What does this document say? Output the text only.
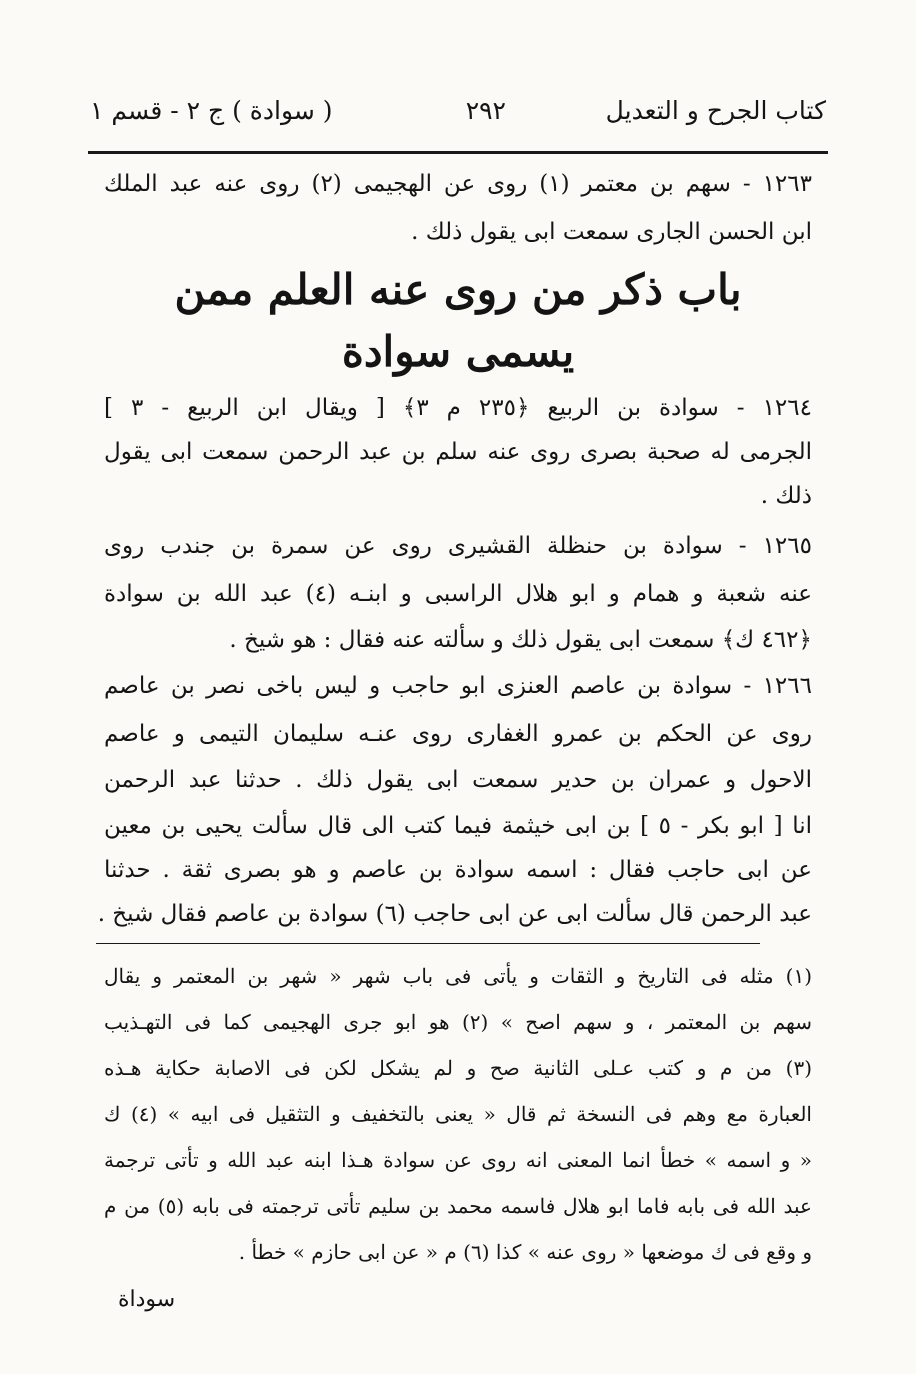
كتاب الجرح و التعديل
٢٩٢
( سوادة ) ج ٢ - قسم ١
١٢٦٣ - سهم بن معتمر (١) روى عن الهجيمى (٢) روى عنه عبد الملك
ابن الحسن الجارى سمعت ابى يقول ذلك .
باب ذكر من روى عنه العلم ممن
يسمى سوادة
١٢٦٤ - سوادة بن الربيع ﴿٢٣٥ م ٣﴾ [ ويقال ابن الربيع - ٣ ]
الجرمى له صحبة بصرى روى عنه سلم بن عبد الرحمن سمعت ابى يقول
ذلك .
١٢٦٥ - سوادة بن حنظلة القشيرى روى عن سمرة بن جندب روى
عنه شعبة و همام و ابو هلال الراسبى و ابنـه (٤) عبد الله بن سوادة
﴿٤٦٢ ك﴾ سمعت ابى يقول ذلك و سألته عنه فقال : هو شيخ .
١٢٦٦ - سوادة بن عاصم العنزى ابو حاجب و ليس باخى نصر بن عاصم
روى عن الحكم بن عمرو الغفارى روى عنـه سليمان التيمى و عاصم
الاحول و عمران بن حدير سمعت ابى يقول ذلك . حدثنا عبد الرحمن
انا [ ابو بكر - ٥ ] بن ابى خيثمة فيما كتب الى قال سألت يحيى بن معين
عن ابى حاجب فقال : اسمه سوادة بن عاصم و هو بصرى ثقة . حدثنا
عبد الرحمن قال سألت ابى عن ابى حاجب (٦) سوادة بن عاصم فقال شيخ .
(١) مثله فى التاريخ و الثقات و يأتى فى باب شهر « شهر بن المعتمر و يقال
سهم بن المعتمر ، و سهم اصح » (٢) هو ابو جرى الهجيمى كما فى التهـذيب
(٣) من م و كتب عـلى الثانية صح و لم يشكل لكن فى الاصابة حكاية هـذه
العبارة مع وهم فى النسخة ثم قال « يعنى بالتخفيف و التثقيل فى ابيه » (٤) ك
« و اسمه » خطأ انما المعنى انه روى عن سوادة هـذا ابنه عبد الله و تأتى ترجمة
عبد الله فى بابه فاما ابو هلال فاسمه محمد بن سليم تأتى ترجمته فى بابه (٥) من م
و وقع فى ك موضعها « روى عنه » كذا (٦) م « عن ابى حازم » خطأ .
سوداة
